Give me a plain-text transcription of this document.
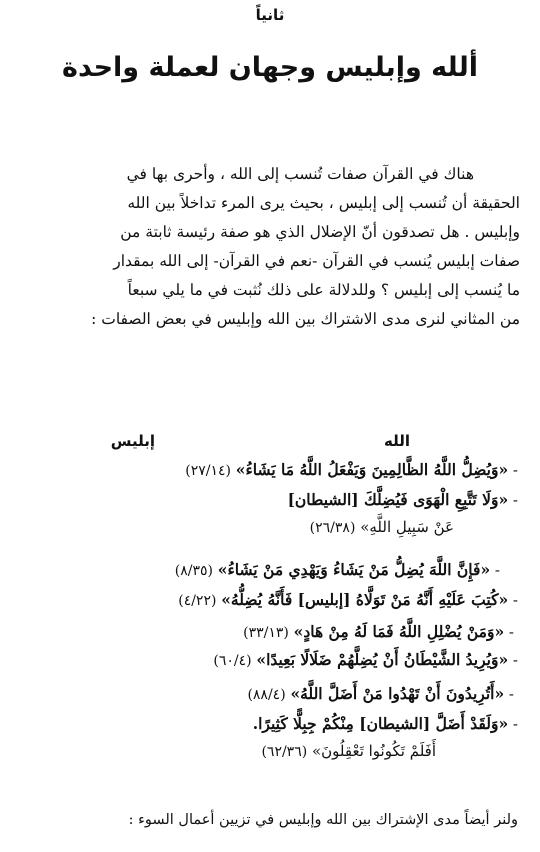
ثانياً
ألله وإبليس وجهان لعملة واحدة

هناك في القرآن صفات تُنسب إلى الله ، وأحرى بها في

الحقيقة أن تُنسب إلى إبليس ، بحيث يرى المرء تداخلاً بين الله

وإبليس . هل تصدقون أنّ الإضلال الذي هو صفة رئيسة ثابتة من

صفات إبليس يُنسب في القرآن -نعم في القرآن- إلى الله بمقدار

ما يُنسب إلى إبليس ؟ وللدلالة على ذلك نُثبت في ما يلي سبعاً

من المثاني لنرى مدى الاشتراك بين الله وإبليس في بعض الصفات :

الله
إبليس
- «وَيُضِلُّ اللَّهُ الظَّالِمِينَ وَيَفْعَلُ اللَّهُ مَا يَشَاءُ» (٢٧/١٤)
- «وَلَا تَتَّبِعِ الْهَوَى فَيُضِلَّكَ [الشيطان]
عَنْ سَبِيلِ اللَّهِ» (٢٦/٣٨)
- «فَإِنَّ اللَّهَ يُضِلُّ مَنْ يَشَاءُ وَيَهْدِي مَنْ يَشَاءُ» (٨/٣٥)
- «كُتِبَ عَلَيْهِ أَنَّهُ مَنْ تَوَلَّاهُ [إبليس] فَأَنَّهُ يُضِلُّهُ» (٤/٢٢)
- «وَمَنْ يُضْلِلِ اللَّهُ فَمَا لَهُ مِنْ هَادٍ» (٣٣/١٣)
- «وَيُرِيدُ الشَّيْطَانُ أَنْ يُضِلَّهُمْ ضَلَالًا بَعِيدًا» (٦٠/٤)
- «أَتُرِيدُونَ أَنْ تَهْدُوا مَنْ أَضَلَّ اللَّهُ» (٨٨/٤)
- «وَلَقَدْ أَضَلَّ [الشيطان] مِنْكُمْ جِبِلًّا كَثِيرًا.
أَفَلَمْ تَكُونُوا تَعْقِلُونَ» (٦٢/٣٦)
ولنر أيضاً مدى الإشتراك بين الله وإبليس في تزيين أعمال السوء :
